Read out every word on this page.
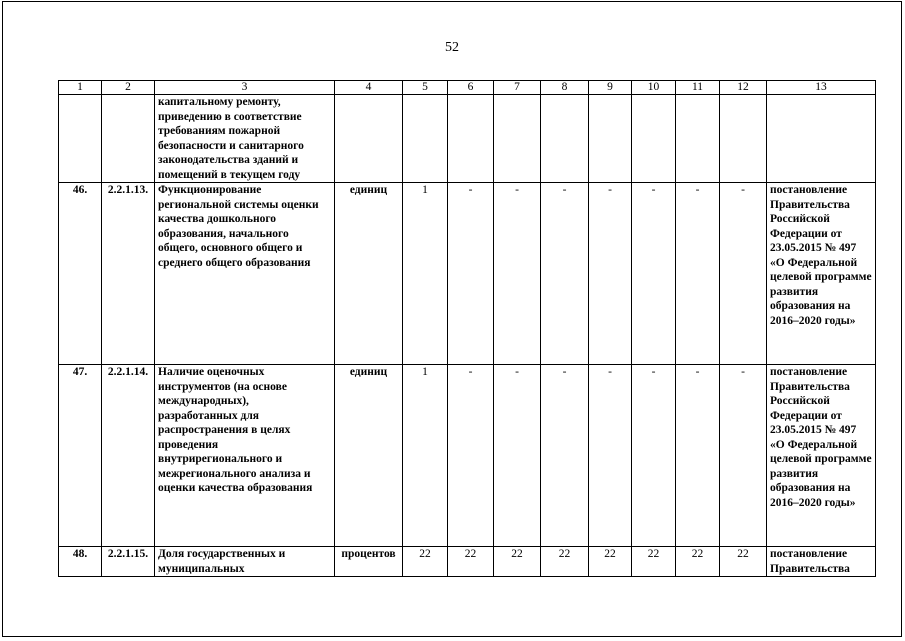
52
1	2	3	4	5	6	7	8	9	10	11	12	13
		капитальному ремонту, приведению в соответствие требованиям пожарной безопасности и санитарного законодательства зданий и помещений в текущем году										
46.	2.2.1.13.	Функционирование региональной системы оценки качества дошкольного образования, начального общего, основного общего и среднего общего образования	единиц	1	-	-	-	-	-	-	-	постановление Правительства Российской Федерации от 23.05.2015 № 497 «О Федеральной целевой программе развития образования на 2016–2020 годы»
47.	2.2.1.14.	Наличие оценочных инструментов (на основе международных), разработанных для распространения в целях проведения внутрирегионального и межрегионального анализа и оценки качества образования	единиц	1	-	-	-	-	-	-	-	постановление Правительства Российской Федерации от 23.05.2015 № 497 «О Федеральной целевой программе развития образования на 2016–2020 годы»
48.	2.2.1.15.	Доля государственных и муниципальных	процентов	22	22	22	22	22	22	22	22	постановление Правительства
